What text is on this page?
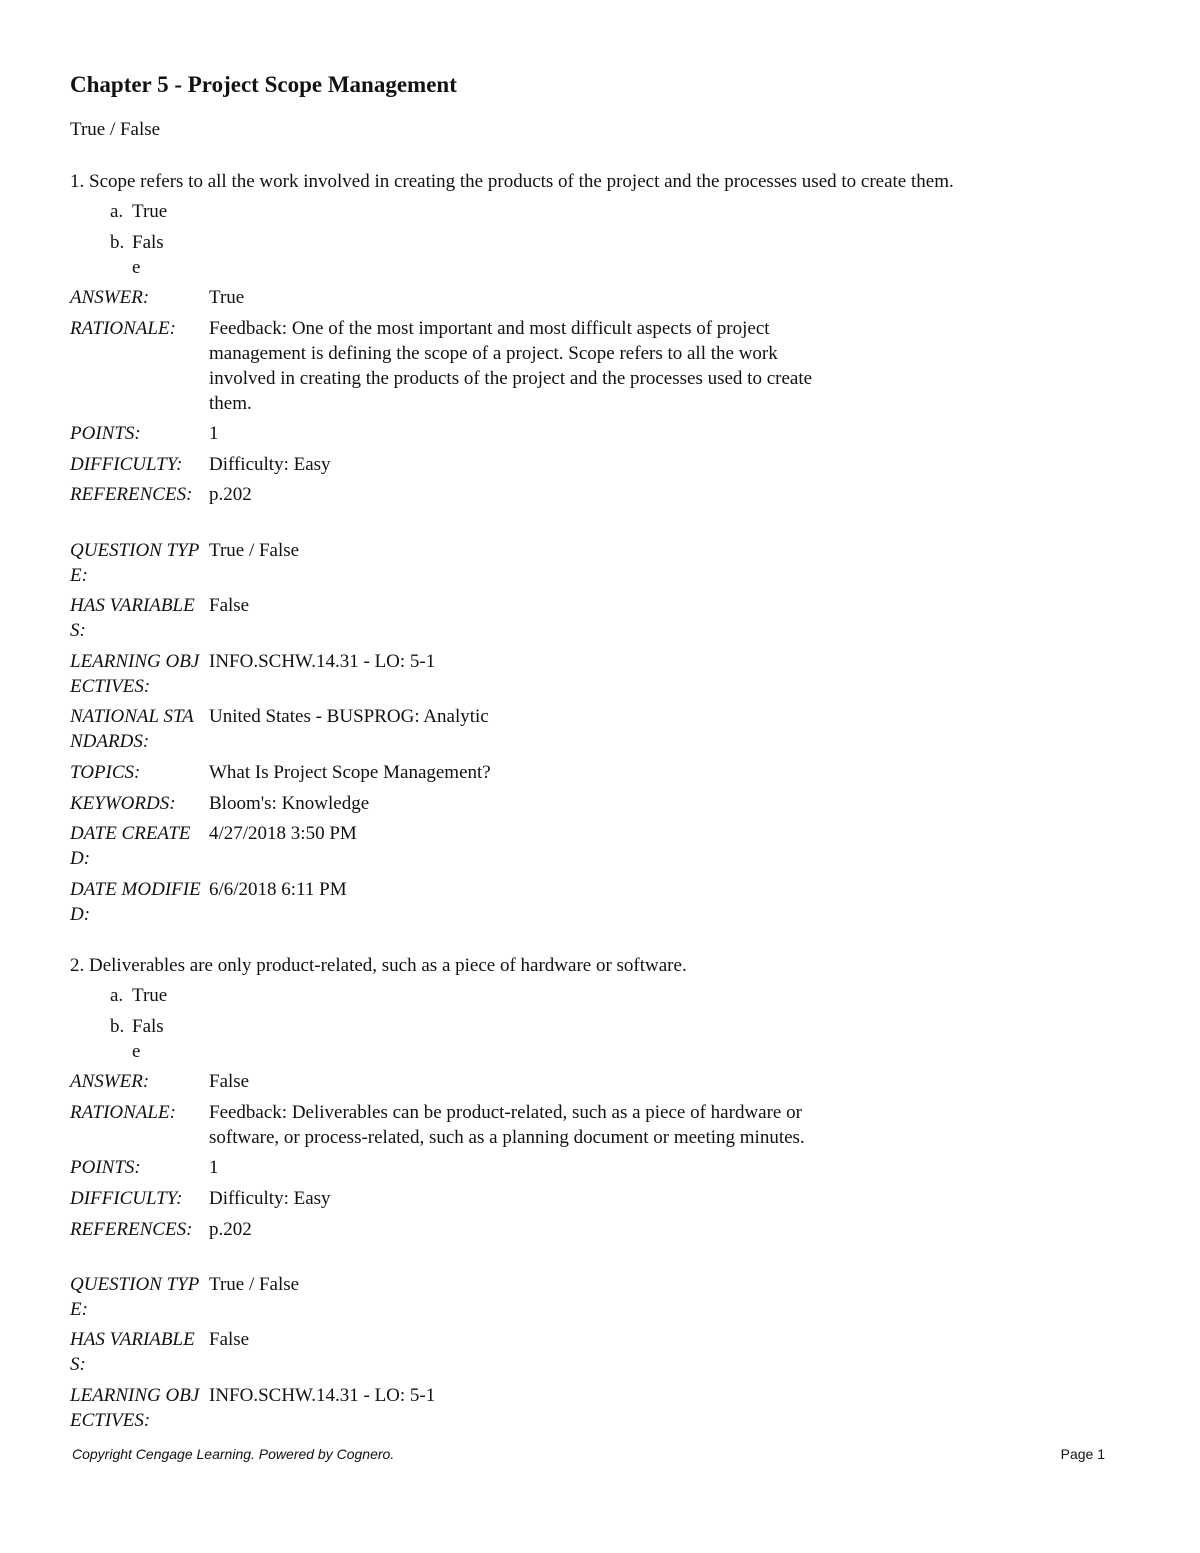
Chapter 5 - Project Scope Management
True / False
1. Scope refers to all the work involved in creating the products of the project and the processes used to create them.
a. True
b. False
ANSWER:	True
RATIONALE:	Feedback: One of the most important and most difficult aspects of project
management is defining the scope of a project. Scope refers to all the work
involved in creating the products of the project and the processes used to create
them.
POINTS:	1
DIFFICULTY:	Difficulty: Easy
REFERENCES: p.202
QUESTION TYPE:
True / False
HAS VARIABLES:
False
LEARNING OBJECTIVES:
INFO.SCHW.14.31 - LO: 5-1
NATIONAL STANDARDS:
United States - BUSPROG: Analytic
TOPICS:	What Is Project Scope Management?
KEYWORDS:	Bloom's: Knowledge
DATE CREATED:
4/27/2018 3:50 PM
DATE MODIFIED:
6/6/2018 6:11 PM
2. Deliverables are only product-related, such as a piece of hardware or software.
a. True
b. False
ANSWER:	False
RATIONALE:	Feedback: Deliverables can be product-related, such as a piece of hardware or
software, or process-related, such as a planning document or meeting minutes.
POINTS:	1
DIFFICULTY:	Difficulty: Easy
REFERENCES: p.202
QUESTION TYPE:
True / False
HAS VARIABLES:
False
LEARNING OBJECTIVES:
INFO.SCHW.14.31 - LO: 5-1
Copyright Cengage Learning. Powered by Cognero.	Page 1
